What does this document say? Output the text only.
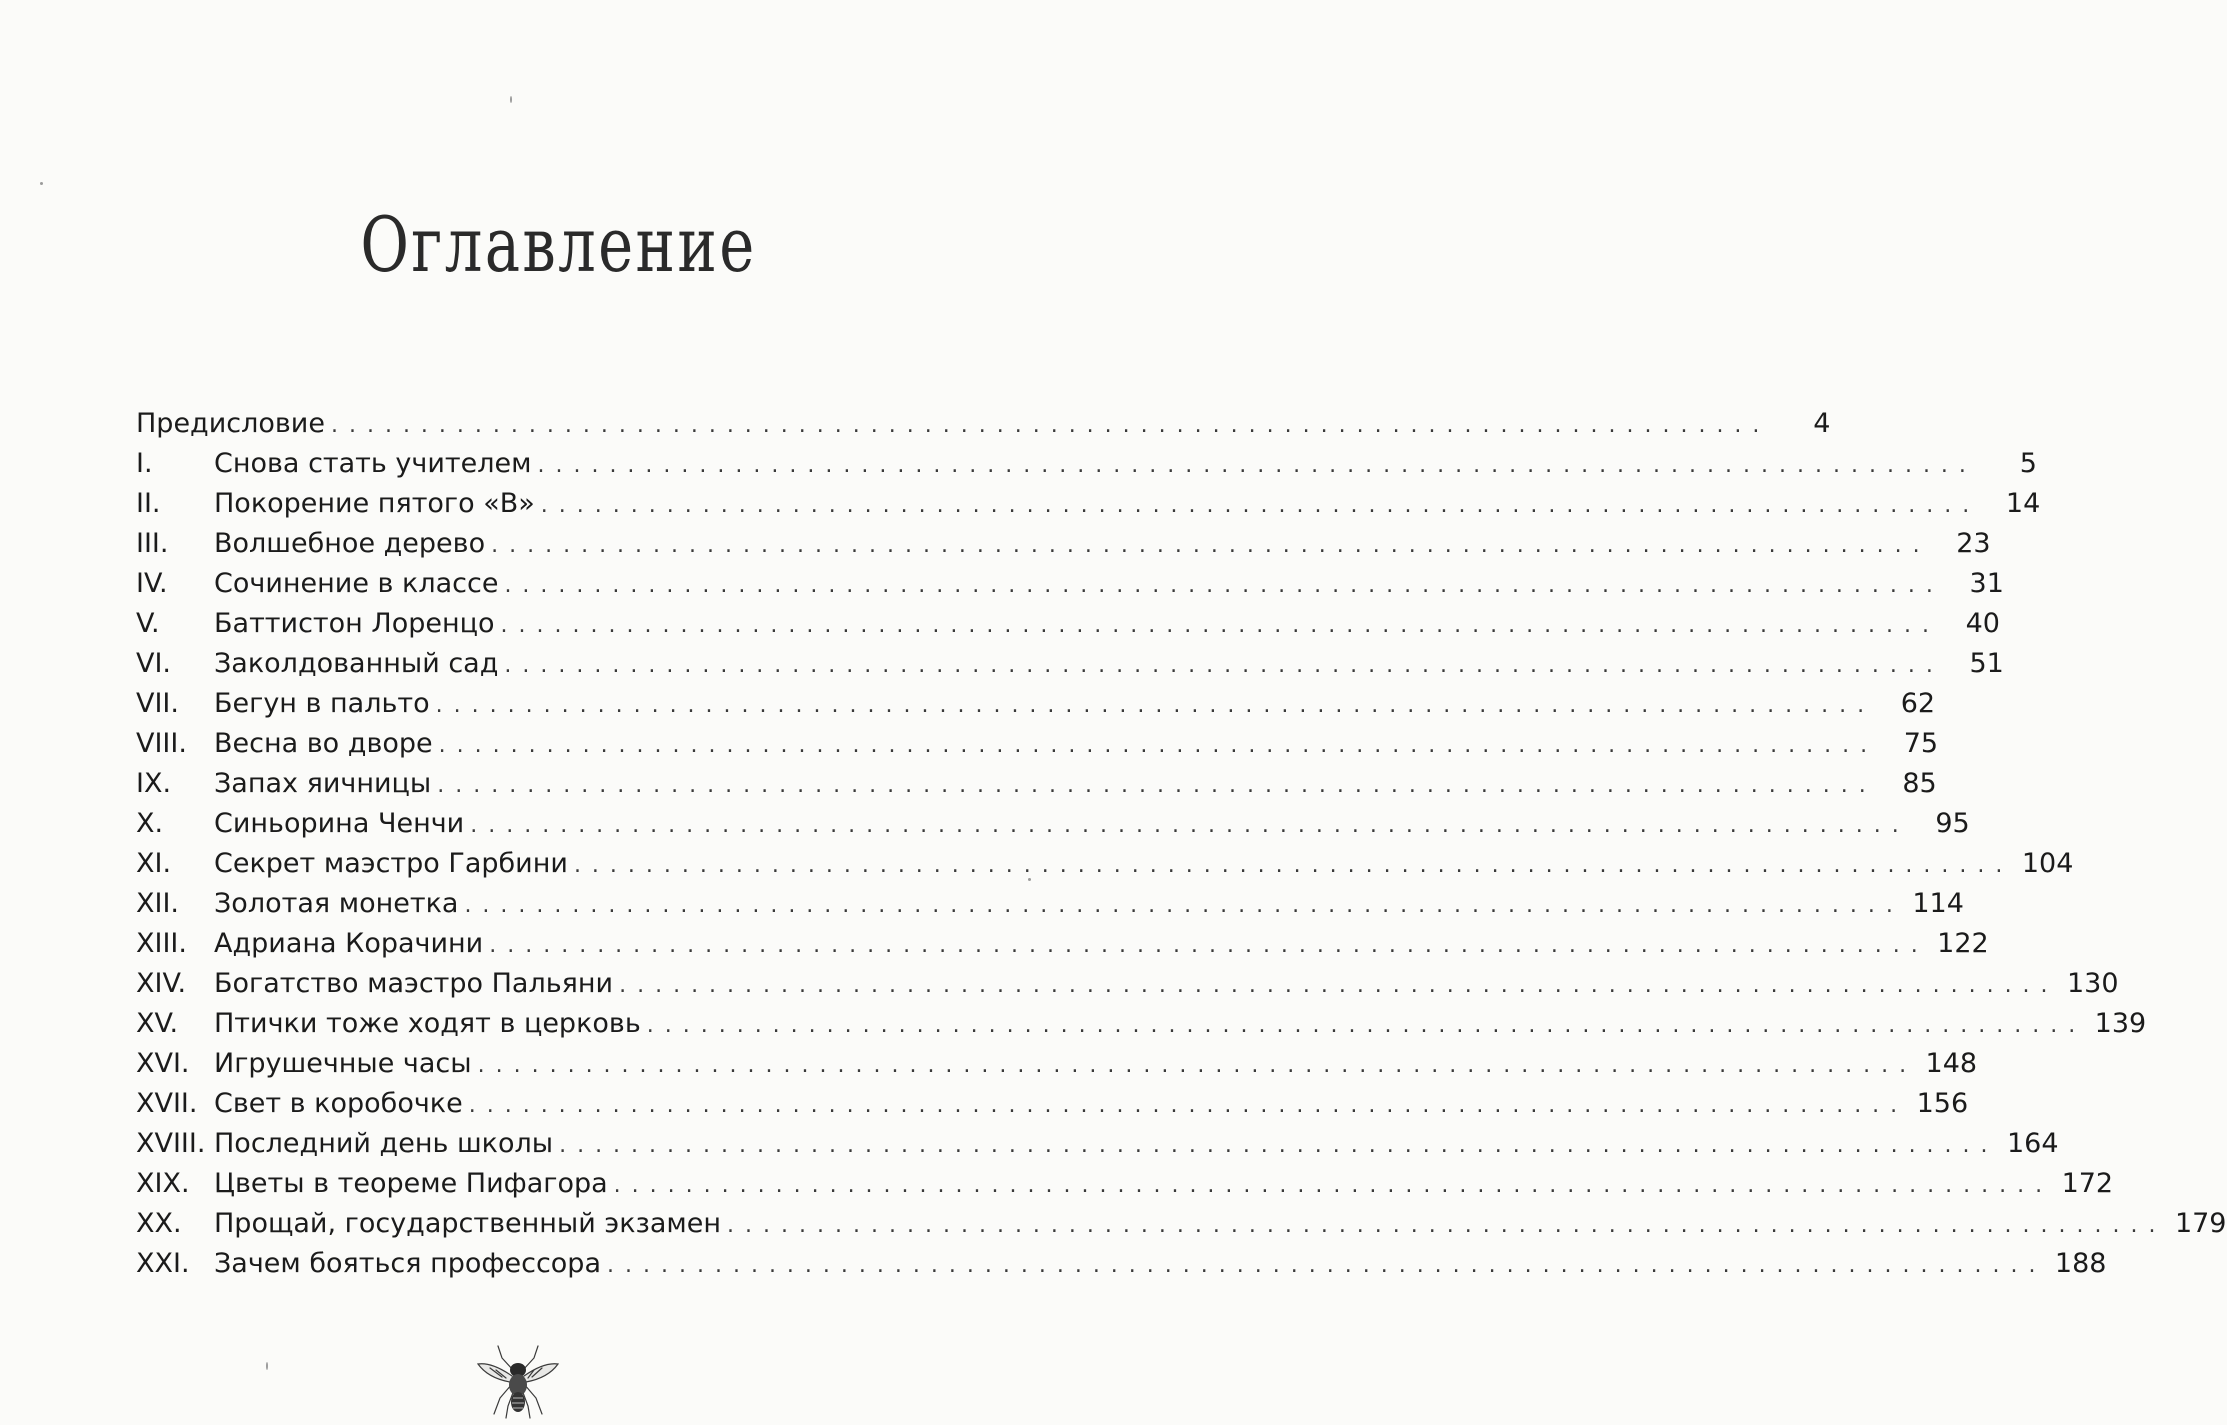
Оглавление
Предисловие ................................................................................	4
I.	Снова стать учителем ................................................................................	5
II.	Покорение пятого «В» ................................................................................ 14
III.	Волшебное дерево ................................................................................ 23
IV.	Сочинение в классе ................................................................................ 31
V.	Баттистон Лоренцо ................................................................................ 40
VI.	Заколдованный сад ................................................................................ 51
VII.	Бегун в пальто ................................................................................ 62
VIII.	Весна во дворе ................................................................................ 75
IX.	Запах яичницы ................................................................................ 85
X.	Синьорина Ченчи ................................................................................ 95
XI.	Секрет маэстро Гарбини ................................................................................ 104
XII.	Золотая монетка ................................................................................ 114
XIII.	Адриана Корачини ................................................................................ 122
XIV.	Богатство маэстро Пальяни ................................................................................ 130
XV.	Птички тоже ходят в церковь ................................................................................ 139
XVI. Игрушечные часы ................................................................................ 148
XVII. Свет в коробочке ................................................................................ 156
XVIII. Последний день школы ................................................................................ 164
XIX. Цветы в теореме Пифагора ................................................................................ 172
XX.	Прощай, государственный экзамен ................................................................................ 179
XXI. Зачем бояться профессора ................................................................................ 188
